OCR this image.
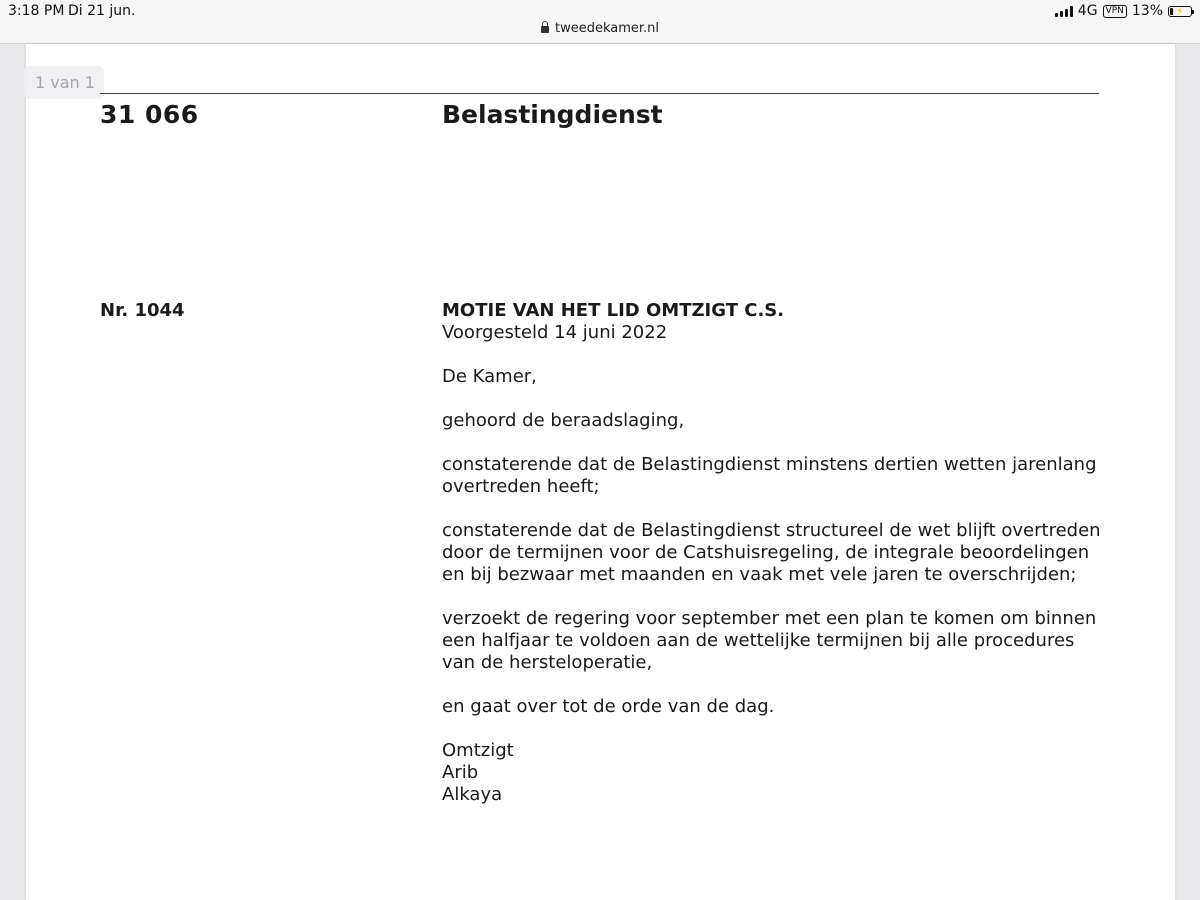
3:18 PM Di 21 jun.	4G VPN 13% ⚡
tweedekamer.nl
1 van 1
31 066	Belastingdienst
Nr. 1044	MOTIE VAN HET LID OMTZIGT C.S.

Voorgesteld 14 juni 2022

De Kamer,

gehoord de beraadslaging,

constaterende dat de Belastingdienst minstens dertien wetten jarenlang overtreden heeft;

constaterende dat de Belastingdienst structureel de wet blijft overtreden door de termijnen voor de Catshuisregeling, de integrale beoordelingen en bij bezwaar met maanden en vaak met vele jaren te overschrijden;

verzoekt de regering voor september met een plan te komen om binnen een halfjaar te voldoen aan de wettelijke termijnen bij alle procedures van de hersteloperatie,

en gaat over tot de orde van de dag.

Omtzigt

Arib

Alkaya
